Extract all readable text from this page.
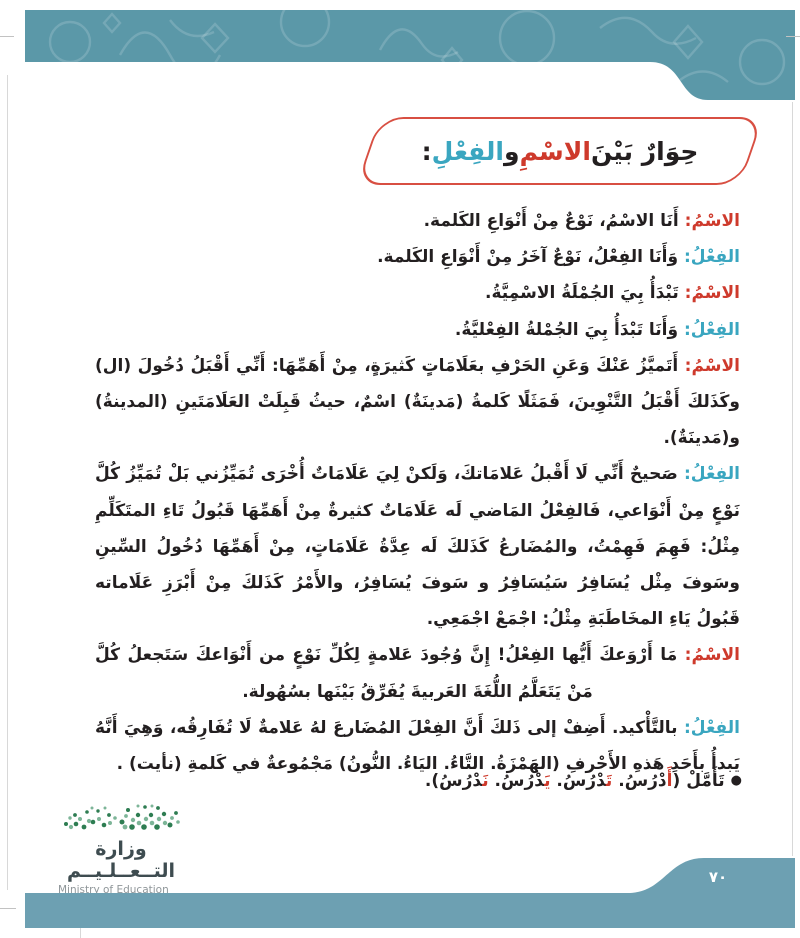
حِوَارٌ بَيْنَ
الاسْمِ
و
الفِعْلِ
:
الاسْمُ: أَنَا الاسْمُ، نَوْعٌ مِنْ أَنْوَاعِ الكَلمة.
الفِعْلُ: وَأَنَا الفِعْلُ، نَوْعٌ آخَرُ مِنْ أَنْوَاعِ الكَلمة.
الاسْمُ: تَبْدَأُ بِيَ الجُمْلَةُ الاسْمِيَّةُ.
الفِعْلُ: وَأَنَا تَبْدَأُ بِيَ الجُمْلةُ الفِعْليَّةُ.
الاسْمُ: أَتَميَّزُ عَنْكَ وَعَنِ الحَرْفِ بعَلَامَاتٍ كَثيرَةٍ، مِنْ أَهَمِّهَا: أَنِّي أَقْبَلُ دُخُولَ (ال) وكَذَلكَ أَقْبَلُ التَّنْوِينَ، فَمَثَلًا كَلمةُ (مَدينَةٌ) اسْمٌ، حيثُ قَبِلَتْ العَلَامَتَينِ (المدينةُ) و(مَدينَةٌ).
الفِعْلُ: صَحيحٌ أَنِّي لَا أَقْبلُ عَلامَاتكَ، وَلَكنْ لِيَ عَلَامَاتٌ أُخْرَى تُمَيِّزُني بَلْ تُمَيِّزُ كُلَّ نَوْعٍ مِنْ أَنْوَاعي، فَالفِعْلُ المَاضي لَه عَلَامَاتٌ كثيرةٌ مِنْ أَهَمِّهَا قَبُولُ تَاءِ المتَكَلِّمِ مِثْلُ: فَهِمَ فَهِمْتُ، والمُضَارعُ كَذَلكَ لَه عِدَّةُ عَلَامَاتٍ، مِنْ أَهَمِّهَا دُخُولُ السِّينِ وسَوفَ مِثْل يُسَافِرُ سَيُسَافِرُ و سَوفَ يُسَافِرُ، والأَمْرُ كَذَلكَ مِنْ أَبْرَزِ عَلَاماته قَبُولُ يَاءِ المخَاطَبَةِ مِثْلُ: اجْمَعْ اجْمَعِي.
الاسْمُ: مَا أَرْوَعكَ أَيُّها الفِعْلُ! إِنَّ وُجُودَ عَلامةٍ لِكُلِّ نَوْعٍ من أَنْوَاعكَ سَتَجعلُ كُلَّ مَنْ يَتَعَلَّمُ اللُّغَةَ العَربيةَ يُفَرِّقُ بَيْنَها بسُهُولة.
الفِعْلُ: بالتَّأْكيد. أَضِفْ إلى ذَلكَ أَنَّ الفِعْلَ المُضَارعَ لهُ عَلامةٌ لَا تُفَارِقُه، وَهِيَ أَنَّهُ يَبدأُ بأَحَدِ هَذهِ الأَحْرفِ (الهَمْزَةُ. التَّاءُ. اليَاءُ. النُّونُ) مَجْمُوعةٌ في كَلمةِ (نأيت) .
●تَأَمَّلْ (أَدْرُسُ. تَ‍‍دْرُسُ. يَ‍‍دْرُسُ. نَ‍‍دْرُسُ).
وزارة التــعــلـيــم
Ministry of Education
٧٠
